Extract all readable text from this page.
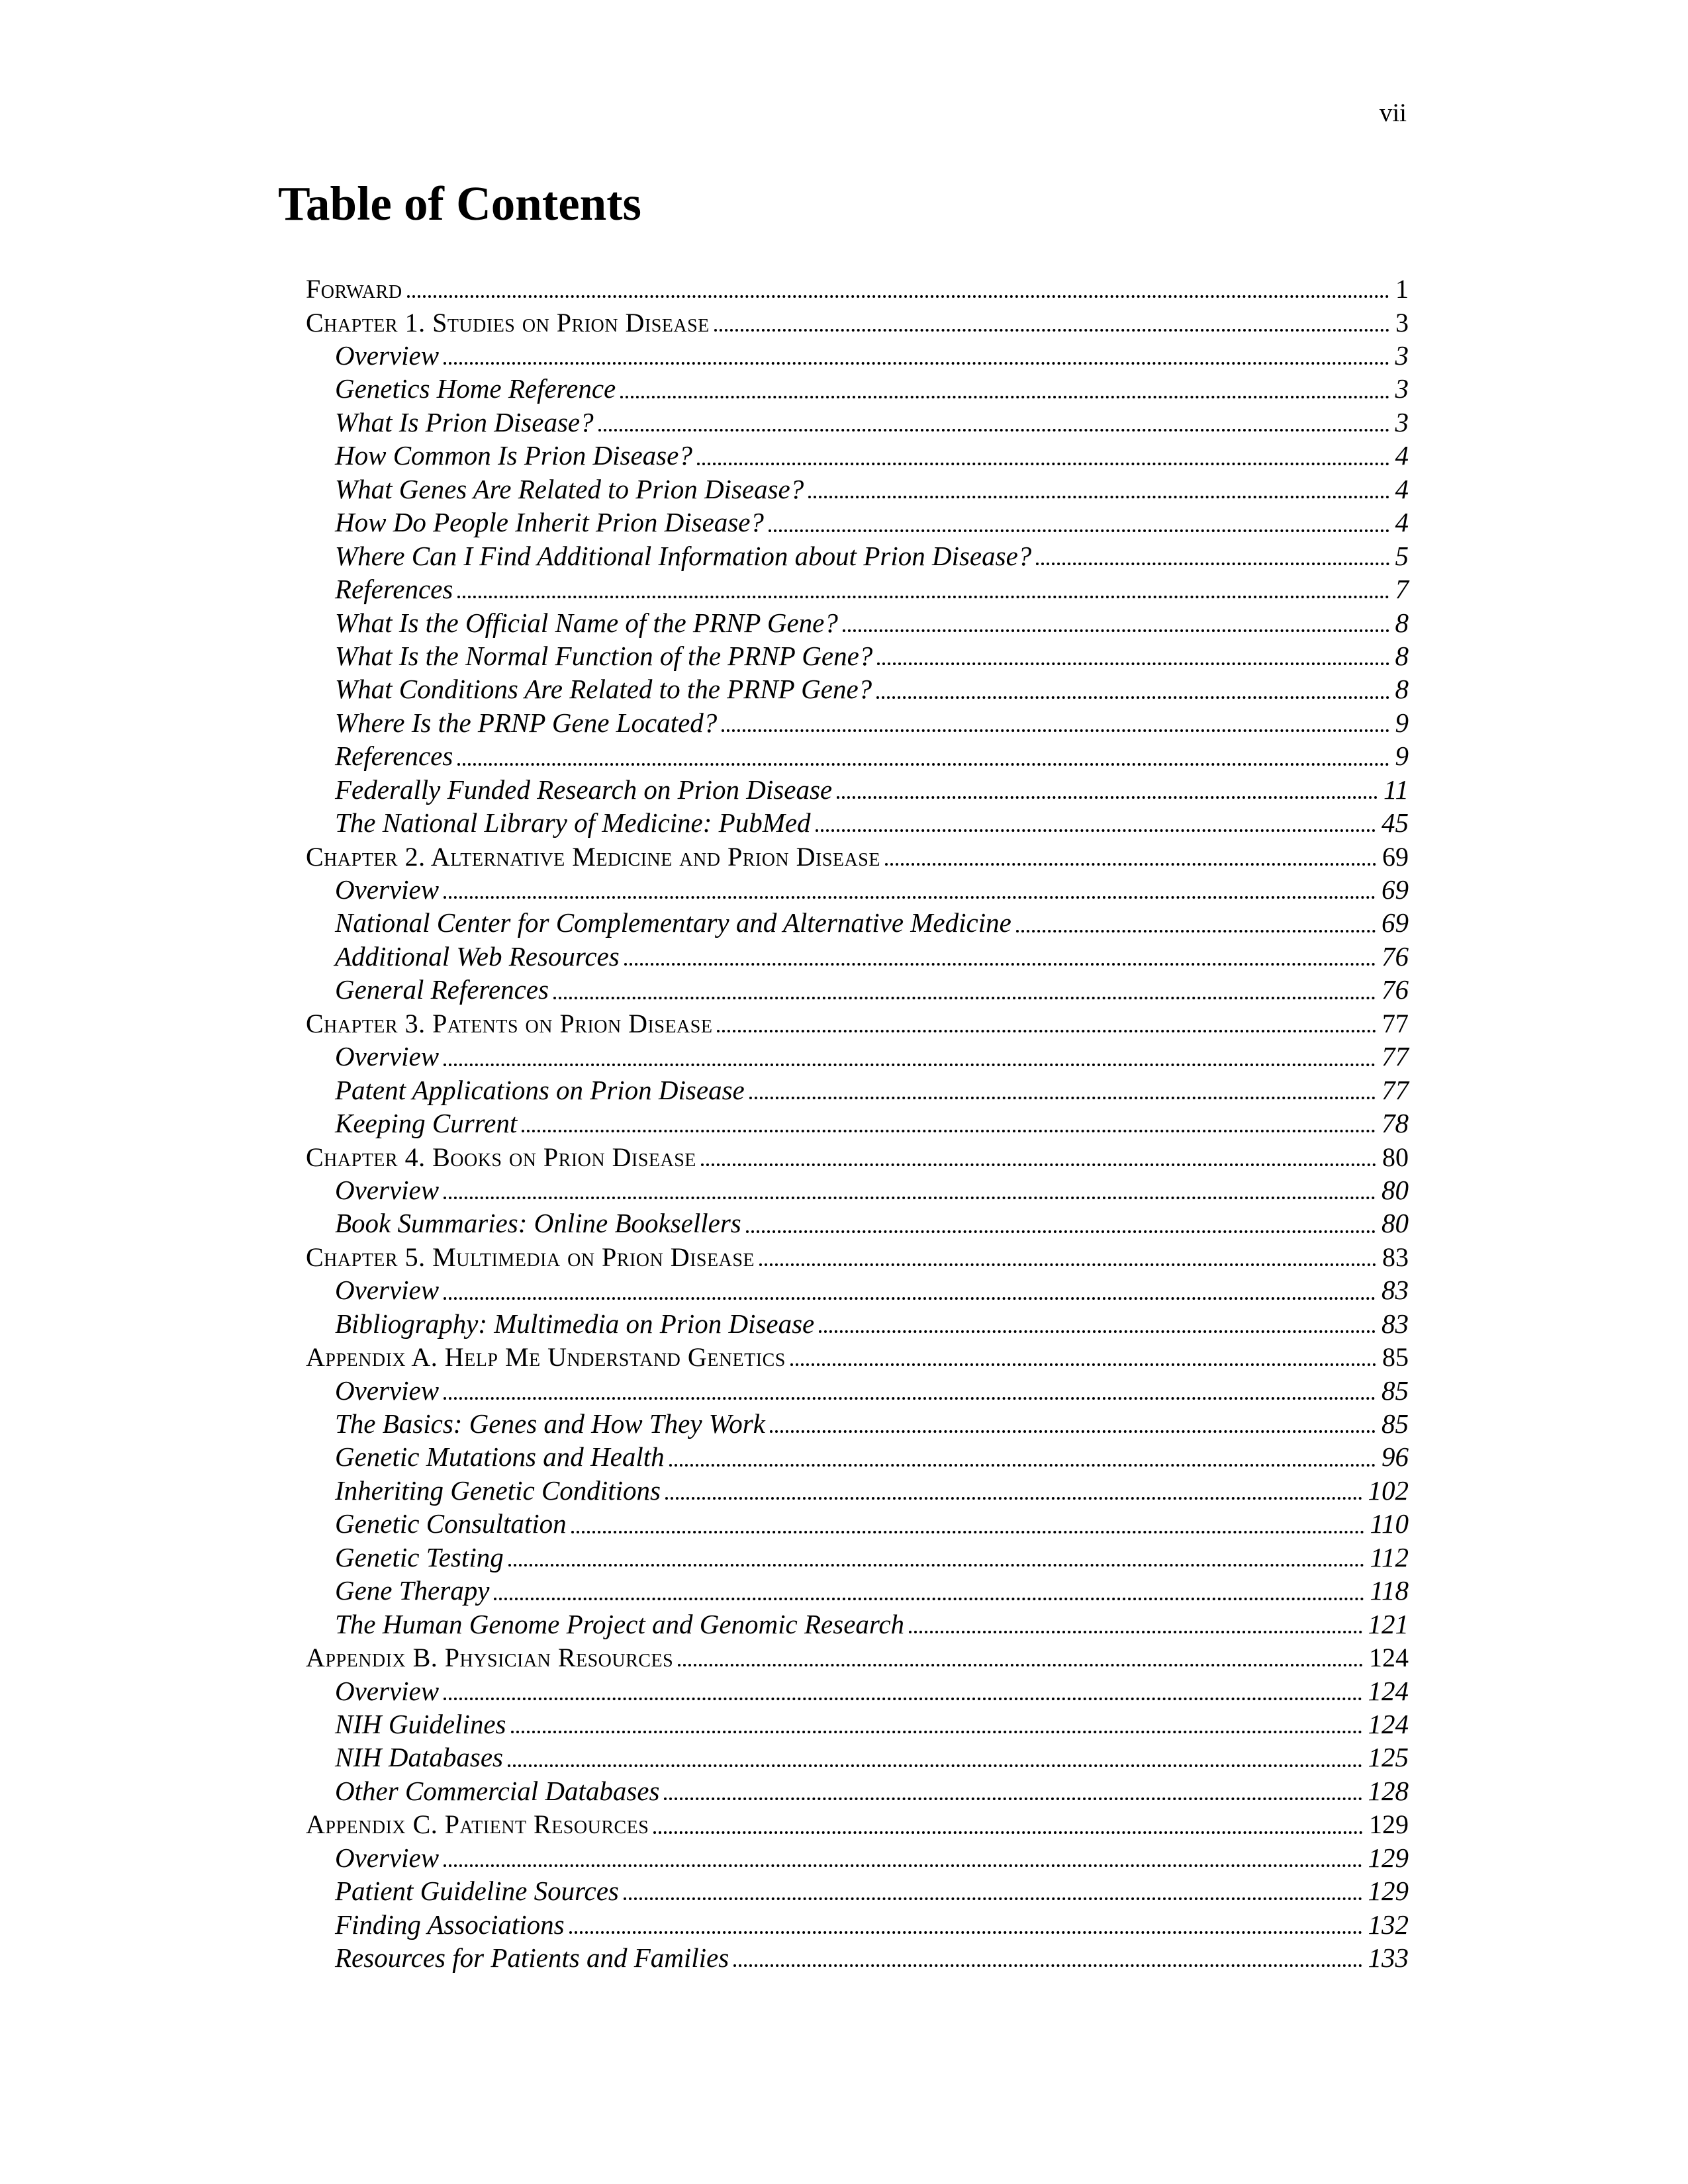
vii
Table of Contents
Forward	1
Chapter 1. Studies on Prion Disease	3
Overview	3
Genetics Home Reference	3
What Is Prion Disease?	3
How Common Is Prion Disease?	4
What Genes Are Related to Prion Disease?	4
How Do People Inherit Prion Disease?	4
Where Can I Find Additional Information about Prion Disease?	5
References	7
What Is the Official Name of the PRNP Gene?	8
What Is the Normal Function of the PRNP Gene?	8
What Conditions Are Related to the PRNP Gene?	8
Where Is the PRNP Gene Located?	9
References	9
Federally Funded Research on Prion Disease	11
The National Library of Medicine: PubMed	45
Chapter 2. Alternative Medicine and Prion Disease	69
Overview	69
National Center for Complementary and Alternative Medicine	69
Additional Web Resources	76
General References	76
Chapter 3. Patents on Prion Disease	77
Overview	77
Patent Applications on Prion Disease	77
Keeping Current	78
Chapter 4. Books on Prion Disease	80
Overview	80
Book Summaries: Online Booksellers	80
Chapter 5. Multimedia on Prion Disease	83
Overview	83
Bibliography: Multimedia on Prion Disease	83
Appendix A. Help Me Understand Genetics	85
Overview	85
The Basics: Genes and How They Work	85
Genetic Mutations and Health	96
Inheriting Genetic Conditions	102
Genetic Consultation	110
Genetic Testing	112
Gene Therapy	118
The Human Genome Project and Genomic Research	121
Appendix B. Physician Resources	124
Overview	124
NIH Guidelines	124
NIH Databases	125
Other Commercial Databases	128
Appendix C. Patient Resources	129
Overview	129
Patient Guideline Sources	129
Finding Associations	132
Resources for Patients and Families	133
